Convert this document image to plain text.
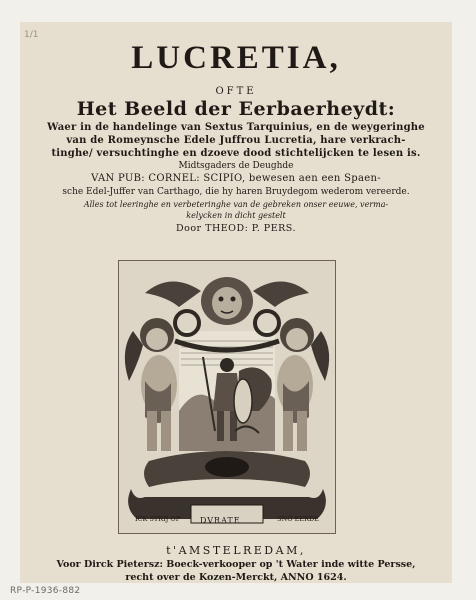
1/1
LUCRETIA,
OFTE
Het Beeld der Eerbaerheydt:
Waer in de handelinge van Sextus Tarquinius, en de weygeringhe
van de Romeynsche Edele Juffrou Lucretia, hare verkrach-
tinghe/ versuchtinghe en dzoeve dood stichtelijcken te lesen is.
Midtsgaders de Deughde
VAN PUB: CORNEL: SCIPIO, bewesen aen een Spaen-
sche Edel-Juffer van Carthago, die hy haren Bruydegom wederom vereerde.
Alles tot leeringhe en verbeteringhe van de gebreken onser eeuwe, verma-
kelycken in dicht gestelt
Door THEOD: P. PERS.
ICK STRIJ OP DVRATE	SNO EERDE
t'AMSTELREDAM,
Voor Dirck Pietersz: Boeck-verkooper op 't Water inde witte Persse,
recht over de Kozen-Merckt, ANNO 1624.
RP-P-1936-882
